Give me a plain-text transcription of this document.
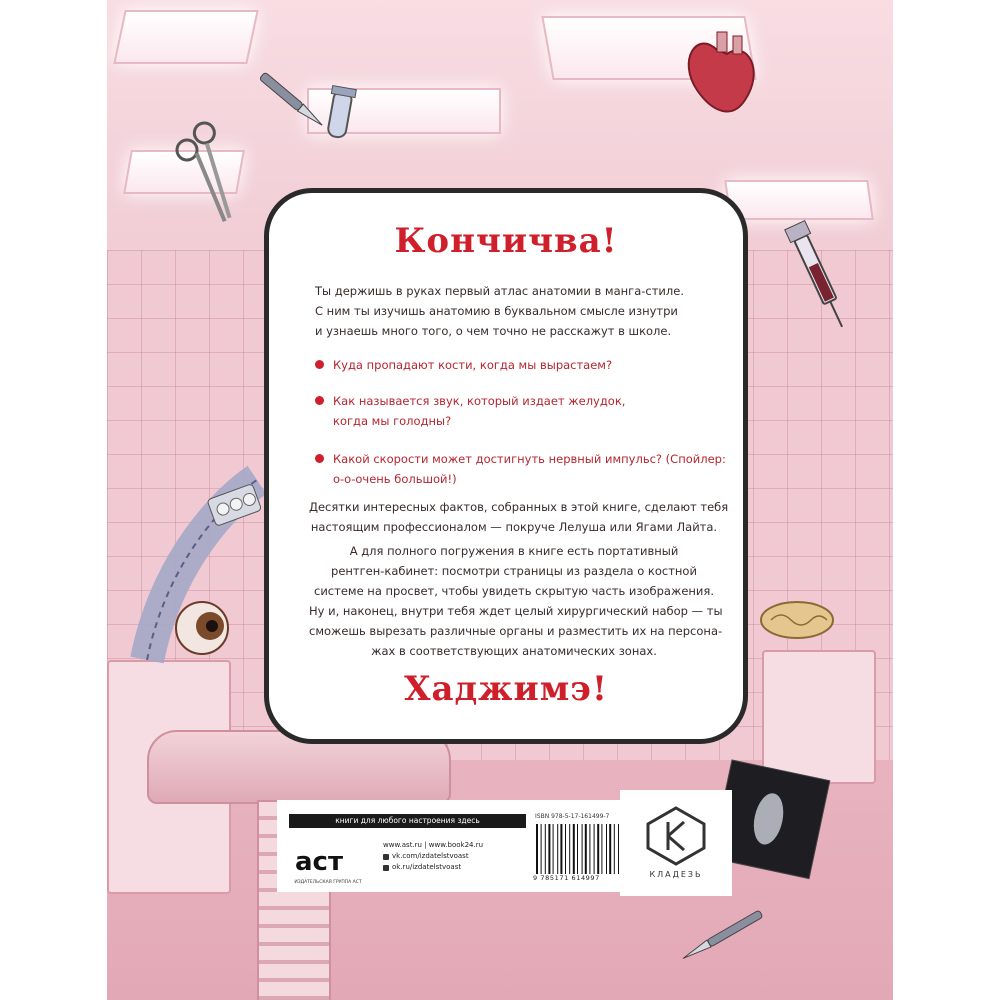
Кончичва!
Ты держишь в руках первый атлас анатомии в манга-стиле.
С ним ты изучишь анатомию в буквальном смысле изнутри
и узнаешь много того, о чем точно не расскажут в школе.
Куда пропадают кости, когда мы вырастаем?
Как называется звук, который издает желудок,
когда мы голодны?
Какой скорости может достигнуть нервный импульс? (Спойлер:
о-о-очень большой!)
Десятки интересных фактов, собранных в этой книге, сделают тебя
настоящим профессионалом — покруче Лелуша или Ягами Лайта.
А для полного погружения в книге есть портативный
рентген-кабинет: посмотри страницы из раздела о костной
системе на просвет, чтобы увидеть скрытую часть изображения.
Ну и, наконец, внутри тебя ждет целый хирургический набор — ты
сможешь вырезать различные органы и разместить их на персона-
жах в соответствующих анатомических зонах.
Хаджимэ!
книги для любого настроения здесь
аст
ИЗДАТЕЛЬСКАЯ ГРУППА АСТ
www.ast.ru | www.book24.ru
vk.com/izdatelstvoast
ok.ru/izdatelstvoast
ISBN 978-5-17-161499-7
9 785171 614997	КЛАДЕЗЬ
